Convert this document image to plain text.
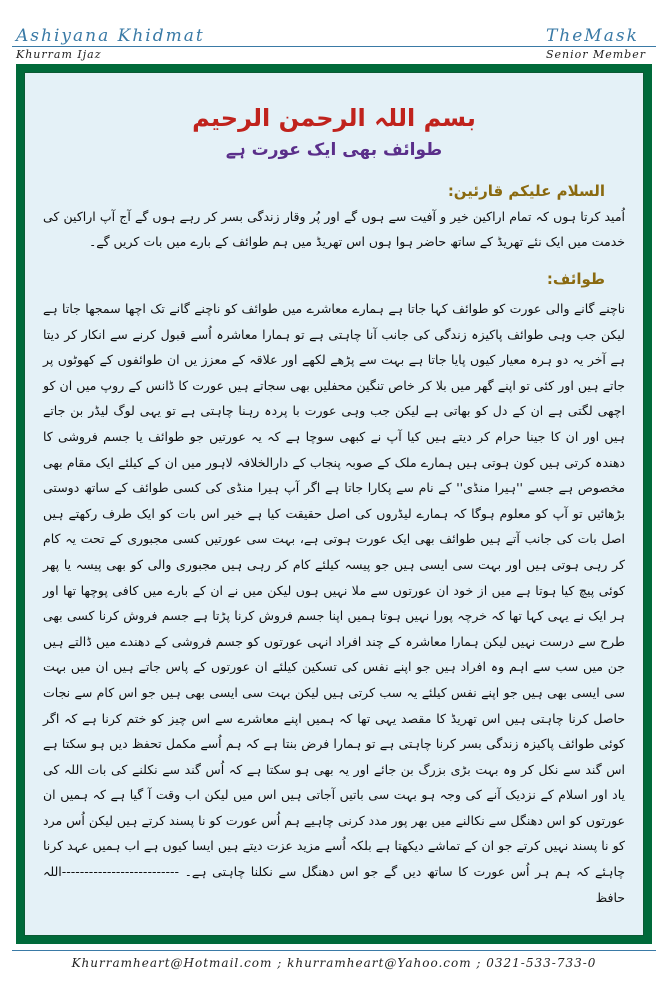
Ashiyana Khidmat
Khurram Ijaz
TheMask
Senior Member
بسم اللہ الرحمن الرحیم
طوائف بھی ایک عورت ہے
السلام علیکم قارئین:
اُمید کرتا ہوں کہ تمام اراکین خیر و آفیت سے ہوں گے اور پُر وقار زندگی بسر کر رہے ہوں گے آج آپ اراکین کی خدمت میں ایک نئے تھریڈ کے ساتھ حاضر ہوا ہوں اس تھریڈ میں ہم طوائف کے بارے میں بات کریں گے۔
طوائف:
ناچنے گانے والی عورت کو طوائف کہا جاتا ہے ہمارے معاشرے میں طوائف کو ناچنے گانے تک اچھا سمجھا جاتا ہے لیکن جب وہی طوائف پاکیزہ زندگی کی جانب آنا چاہتی ہے تو ہمارا معاشرہ اُسے قبول کرنے سے انکار کر دیتا ہے آخر یہ دو ہرہ معیار کیوں پایا جاتا ہے بہت سے پڑھے لکھے اور علاقہ کے معزز یں ان طوائفوں کے کھوٹوں پر جاتے ہیں اور کئی تو اپنے گھر میں بلا کر خاص تنگین محفلیں بھی سجاتے ہیں عورت کا ڈانس کے روپ میں ان کو اچھی لگتی ہے ان کے دل کو بھاتی ہے لیکن جب وہی عورت با پردہ رہنا چاہتی ہے تو یہی لوگ لیڈر بن جاتے ہیں اور ان کا جینا حرام کر دیتے ہیں کیا آپ نے کبھی سوچا ہے کہ یہ عورتیں جو طوائف یا جسم فروشی کا دھندہ کرتی ہیں کون ہوتی ہیں ہمارے ملک کے صوبہ پنجاب کے دارالخلافہ لاہور میں ان کے کیلئے ایک مقام بھی مخصوص ہے جسے ''ہیرا منڈی'' کے نام سے پکارا جاتا ہے اگر آپ ہیرا منڈی کی کسی طوائف کے ساتھ دوستی بڑھائیں تو آپ کو معلوم ہوگا کہ ہمارے لیڈروں کی اصل حقیقت کیا ہے خیر اس بات کو ایک طرف رکھتے ہیں اصل بات کی جانب آتے ہیں طوائف بھی ایک عورت ہوتی ہے، بہت سی عورتیں کسی مجبوری کے تحت یہ کام کر رہی ہوتی ہیں اور بہت سی ایسی ہیں جو پیسہ کیلئے کام کر رہی ہیں مجبوری والی کو بھی پیسہ یا پھر کوئی پیچ کیا ہوتا ہے میں از خود ان عورتوں سے ملا نہیں ہوں لیکن میں نے ان کے بارے میں کافی پوچھا تھا اور ہر ایک نے یہی کہا تھا کہ خرچہ پورا نہیں ہوتا ہمیں اپنا جسم فروش کرنا پڑتا ہے جسم فروش کرنا کسی بھی طرح سے درست نہیں لیکن ہمارا معاشرہ کے چند افراد انہی عورتوں کو جسم فروشی کے دھندے میں ڈالتے ہیں جن میں سب سے اہم وہ افراد ہیں جو اپنے نفس کی تسکین کیلئے ان عورتوں کے پاس جاتے ہیں ان میں بہت سی ایسی بھی ہیں جو اپنے نفس کیلئے یہ سب کرتی ہیں لیکن بہت سی ایسی بھی ہیں جو اس کام سے نجات حاصل کرنا چاہتی ہیں اس تھریڈ کا مقصد یہی تھا کہ ہمیں اپنے معاشرے سے اس چیز کو ختم کرنا ہے کہ اگر کوئی طوائف پاکیزہ زندگی بسر کرنا چاہتی ہے تو ہمارا فرض بنتا ہے کہ ہم اُسے مکمل تحفظ دیں ہو سکتا ہے اس گند سے نکل کر وہ بہت بڑی بزرگ بن جائے اور یہ بھی ہو سکتا ہے کہ اُس گند سے نکلنے کی بات اللہ کی یاد اور اسلام کے نزدیک آنے کی وجہ ہو بہت سی باتیں آجاتی ہیں اس میں لیکن اب وقت آ گیا ہے کہ ہمیں ان عورتوں کو اس دھنگل سے نکالنے میں بھر پور مدد کرنی چاہیے ہم اُس عورت کو نا پسند کرتے ہیں لیکن اُس مرد کو نا پسند نہیں کرتے جو ان کے تماشے دیکھتا ہے بلکہ اُسے مزید عزت دیتے ہیں ایسا کیوں ہے اب ہمیں عہد کرنا چاہئے کہ ہم ہر اُس عورت کا ساتھ دیں گے جو اس دھنگل سے نکلنا چاہتی ہے۔ --------------------------اللہ حافظ
Khurramheart@Hotmail.com ; khurramheart@Yahoo.com ; 0321-533-733-0
